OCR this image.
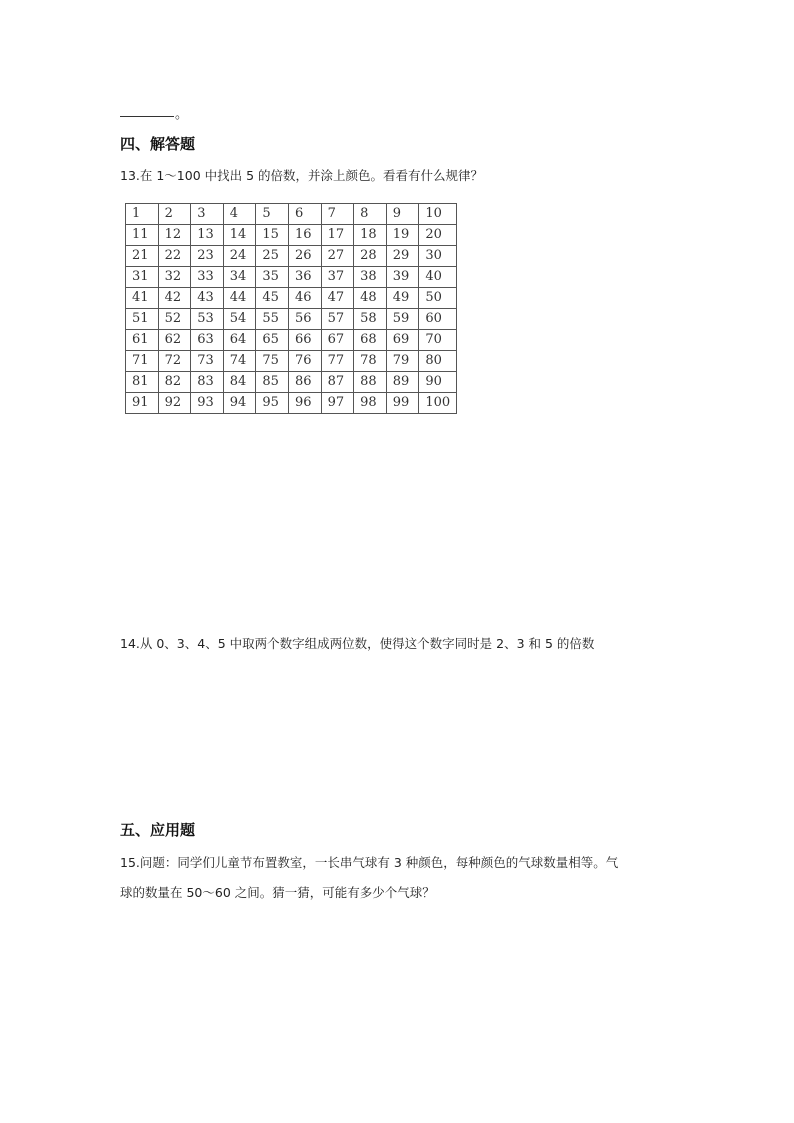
。
四、解答题
13.在 1～100 中找出 5 的倍数，并涂上颜色。看看有什么规律？
1	2	3	4	5	6	7	8	9	10
11	12	13	14	15	16	17	18	19	20
21	22	23	24	25	26	27	28	29	30
31	32	33	34	35	36	37	38	39	40
41	42	43	44	45	46	47	48	49	50
51	52	53	54	55	56	57	58	59	60
61	62	63	64	65	66	67	68	69	70
71	72	73	74	75	76	77	78	79	80
81	82	83	84	85	86	87	88	89	90
91	92	93	94	95	96	97	98	99	100
14.从 0、3、4、5 中取两个数字组成两位数，使得这个数字同时是 2、3 和 5 的倍数
五、应用题
15.问题：同学们儿童节布置教室，一长串气球有 3 种颜色，每种颜色的气球数量相等。气
球的数量在 50～60 之间。猜一猜，可能有多少个气球？
